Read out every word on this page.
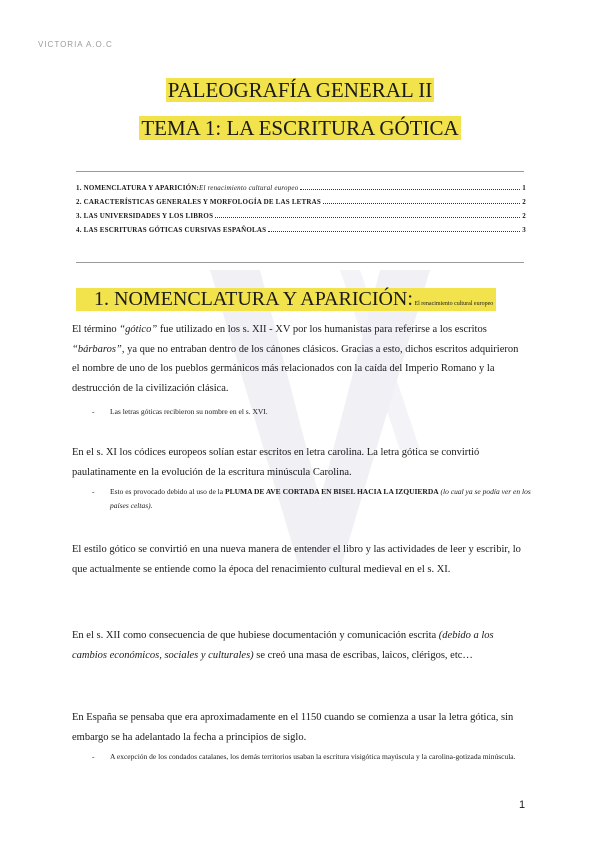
VICTORIA A.O.C
PALEOGRAFÍA GENERAL II
TEMA 1: LA ESCRITURA GÓTICA
1. NOMENCLATURA Y APARICIÓN: El renacimiento cultural europeo	1
2. CARACTERÍSTICAS GENERALES Y MORFOLOGÍA DE LAS LETRAS	2
3. LAS UNIVERSIDADES Y LOS LIBROS	2
4. LAS ESCRITURAS GÓTICAS CURSIVAS ESPAÑOLAS	3
1. NOMENCLATURA Y APARICIÓN: El renacimiento cultural europeo

El término “gótico” fue utilizado en los s. XII - XV por los humanistas para referirse a los escritos “bárbaros”, ya que no entraban dentro de los cánones clásicos. Gracias a esto, dichos escritos adquirieron el nombre de uno de los pueblos germánicos más relacionados con la caída del Imperio Romano y la destrucción de la civilización clásica.

- Las letras góticas recibieron su nombre en el s. XVI.

En el s. XI los códices europeos solían estar escritos en letra carolina. La letra gótica se convirtió paulatinamente en la evolución de la escritura minúscula Carolina.

- Esto es provocado debido al uso de la PLUMA DE AVE CORTADA EN BISEL HACIA LA IZQUIERDA (lo cual ya se podía ver en los países celtas).

El estilo gótico se convirtió en una nueva manera de entender el libro y las actividades de leer y escribir, lo que actualmente se entiende como la época del renacimiento cultural medieval en el s. XI.

En el s. XII como consecuencia de que hubiese documentación y comunicación escrita (debido a los cambios económicos, sociales y culturales) se creó una masa de escribas, laicos, clérigos, etc…

En España se pensaba que era aproximadamente en el 1150 cuando se comienza a usar la letra gótica, sin embargo se ha adelantado la fecha a principios de siglo.

- A excepción de los condados catalanes, los demás territorios usaban la escritura visigótica mayúscula y la carolina-gotizada minúscula.
1
